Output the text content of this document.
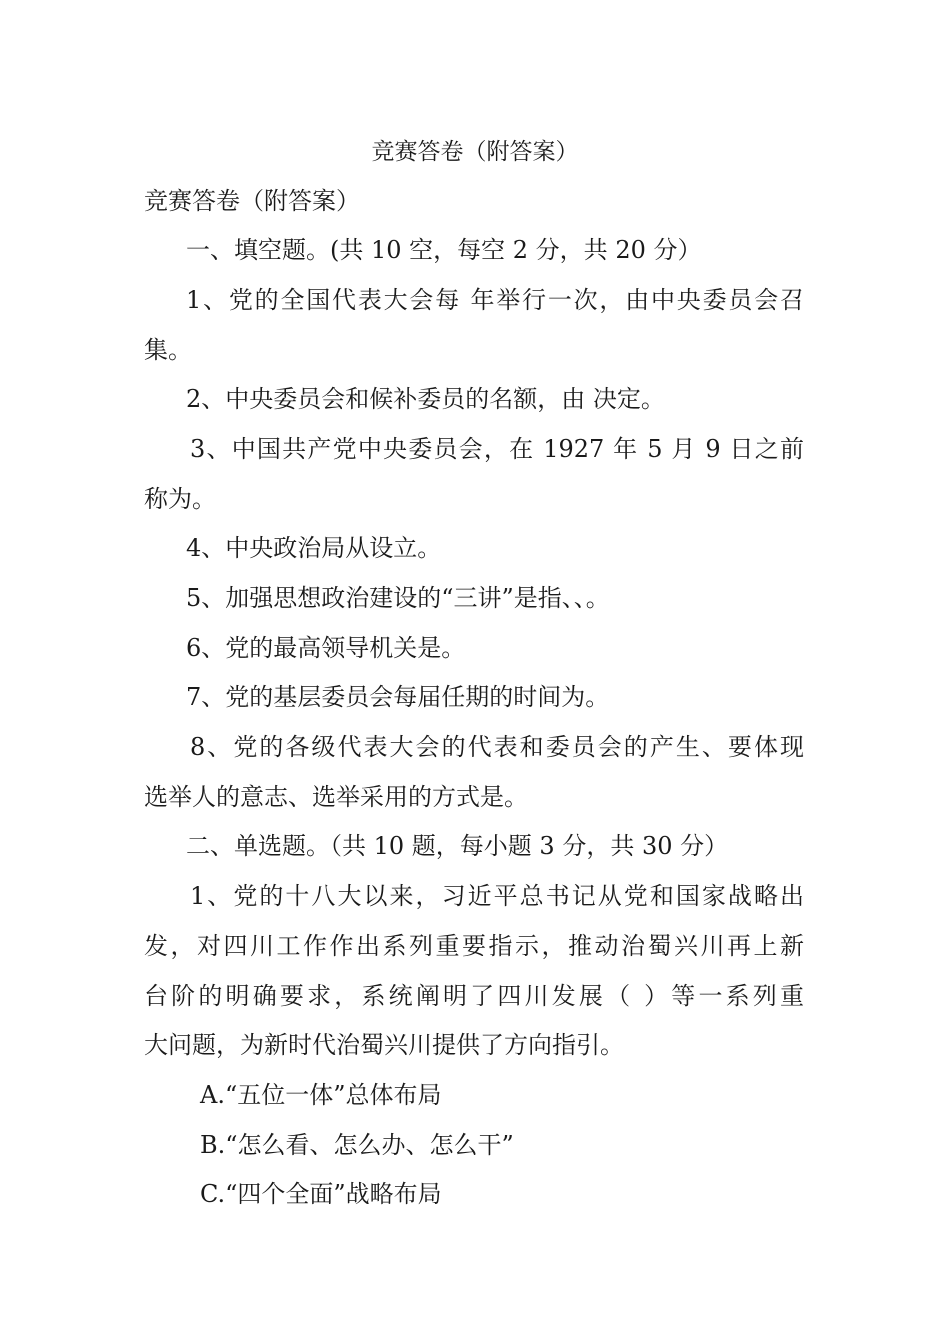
竞赛答卷（附答案）

竞赛答卷（附答案）

一、填空题。(共 10 空，每空 2 分，共 20 分）

1、党的全国代表大会每 年举行一次，由中央委员会召

集。

2、中央委员会和候补委员的名额，由 决定。

3、中国共产党中央委员会，在 1927 年 5 月 9 日之前

称为。

4、中央政治局从设立。

5、加强思想政治建设的“三讲”是指、、。

6、党的最高领导机关是。

7、党的基层委员会每届任期的时间为。

8、党的各级代表大会的代表和委员会的产生、要体现

选举人的意志、选举采用的方式是。

二、单选题。（共 10 题，每小题 3 分，共 30 分）

1、党的十八大以来，习近平总书记从党和国家战略出

发，对四川工作作出系列重要指示，推动治蜀兴川再上新

台阶的明确要求，系统阐明了四川发展（ ）等一系列重

大问题，为新时代治蜀兴川提供了方向指引。

A.“五位一体”总体布局

B.“怎么看、怎么办、怎么干”

C.“四个全面”战略布局
